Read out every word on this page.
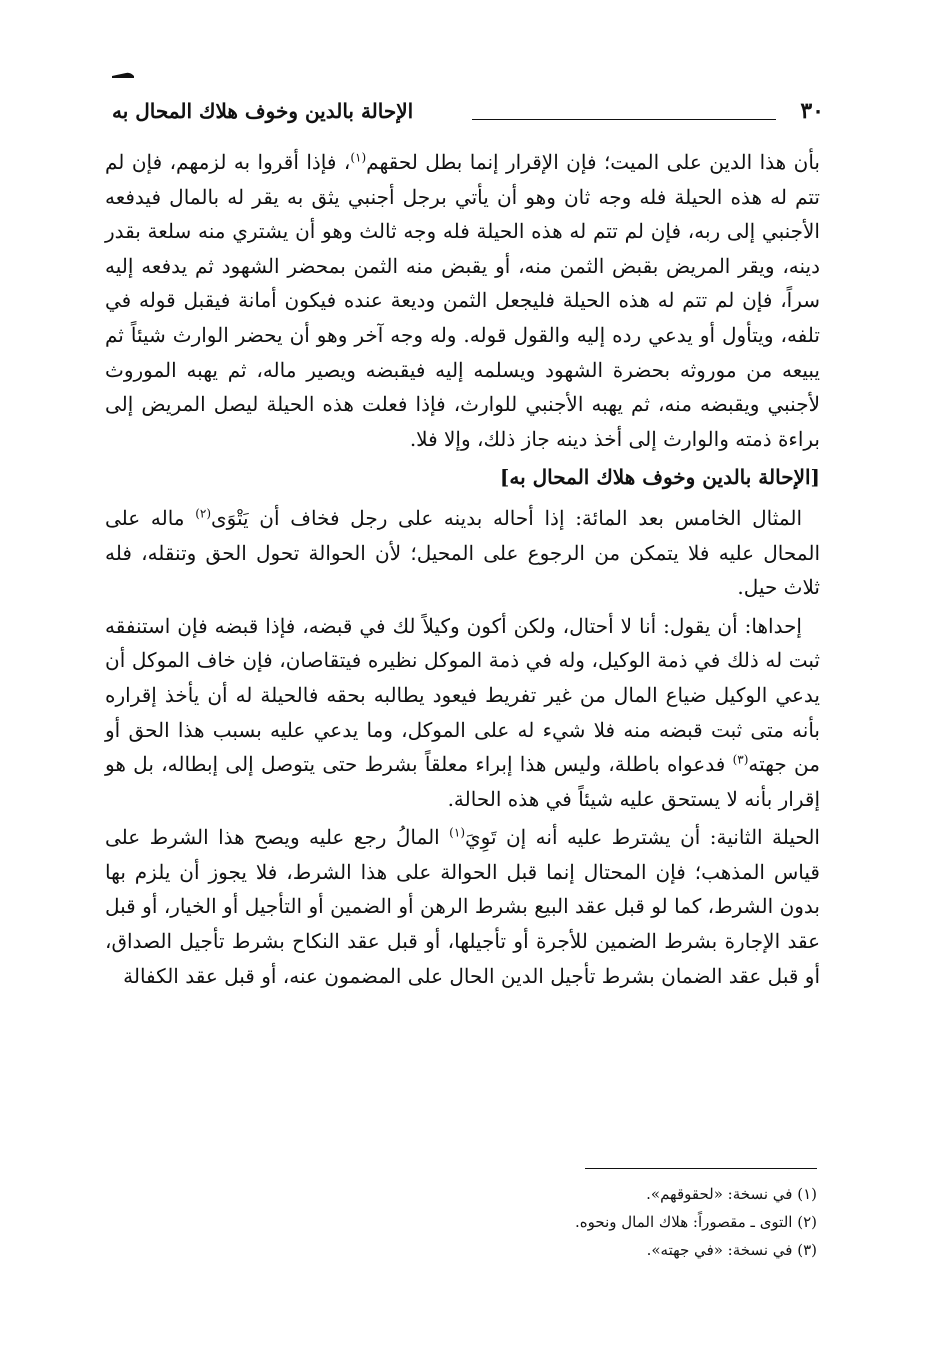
٣٠
الإحالة بالدين وخوف هلاك المحال به

بأن هذا الدين على الميت؛ فإن الإقرار إنما بطل لحقهم$^{(١)}$، فإذا أقروا به لزمهم، فإن لم تتم له هذه الحيلة فله وجه ثان وهو أن يأتي برجل أجنبي يثق به يقر له بالمال فيدفعه الأجنبي إلى ربه، فإن لم تتم له هذه الحيلة فله وجه ثالث وهو أن يشتري منه سلعة بقدر دينه، ويقر المريض بقبض الثمن منه، أو يقبض منه الثمن بمحضر الشهود ثم يدفعه إليه سراً، فإن لم تتم له هذه الحيلة فليجعل الثمن وديعة عنده فيكون أمانة فيقبل قوله في تلفه، ويتأول أو يدعي رده إليه والقول قوله. وله وجه آخر وهو أن يحضر الوارث شيئاً ثم يبيعه من موروثه بحضرة الشهود ويسلمه إليه فيقبضه ويصير ماله، ثم يهبه الموروث لأجنبي ويقبضه منه، ثم يهبه الأجنبي للوارث، فإذا فعلت هذه الحيلة ليصل المريض إلى براءة ذمته والوارث إلى أخذ دينه جاز ذلك، وإلا فلا.

[الإحالة بالدين وخوف هلاك المحال به]

المثال الخامس بعد المائة: إذا أحاله بدينه على رجل فخاف أن يَتْوَى$^{(٢)}$ ماله على المحال عليه فلا يتمكن من الرجوع على المحيل؛ لأن الحوالة تحول الحق وتنقله، فله ثلاث حيل.

إحداها: أن يقول: أنا لا أحتال، ولكن أكون وكيلاً لك في قبضه، فإذا قبضه فإن استنفقه ثبت له ذلك في ذمة الوكيل، وله في ذمة الموكل نظيره فيتقاصان، فإن خاف الموكل أن يدعي الوكيل ضياع المال من غير تفريط فيعود يطالبه بحقه فالحيلة له أن يأخذ إقراره بأنه متى ثبت قبضه منه فلا شيء له على الموكل، وما يدعي عليه بسبب هذا الحق أو من جهته$^{(٣)}$ فدعواه باطلة، وليس هذا إبراء معلقاً بشرط حتى يتوصل إلى إبطاله، بل هو إقرار بأنه لا يستحق عليه شيئاً في هذه الحالة.

الحيلة الثانية: أن يشترط عليه أنه إن تَوِيَ$^{(١)}$ المالُ رجع عليه ويصح هذا الشرط على قياس المذهب؛ فإن المحتال إنما قبل الحوالة على هذا الشرط، فلا يجوز أن يلزم بها بدون الشرط، كما لو قبل عقد البيع بشرط الرهن أو الضمين أو التأجيل أو الخيار، أو قبل عقد الإجارة بشرط الضمين للأجرة أو تأجيلها، أو قبل عقد النكاح بشرط تأجيل الصداق، أو قبل عقد الضمان بشرط تأجيل الدين الحال على المضمون عنه، أو قبل عقد الكفالة

(١) في نسخة: «لحقوقهم».

(٢) التوى ـ مقصوراً: هلاك المال ونحوه.

(٣) في نسخة: «في جهته».
